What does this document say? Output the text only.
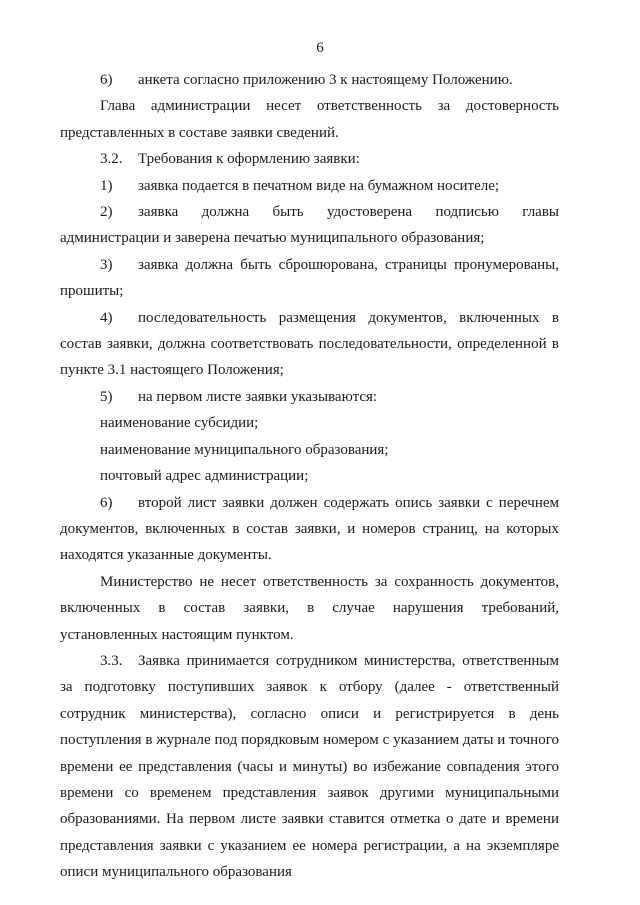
6

6) анкета согласно приложению 3 к настоящему Положению.

Глава администрации несет ответственность за достоверность представленных в составе заявки сведений.

3.2. Требования к оформлению заявки:

1) заявка подается в печатном виде на бумажном носителе;

2) заявка должна быть удостоверена подписью главы администрации и заверена печатью муниципального образования;

3) заявка должна быть сброшюрована, страницы пронумерованы, прошиты;

4) последовательность размещения документов, включенных в состав заявки, должна соответствовать последовательности, определенной в пункте 3.1 настоящего Положения;

5) на первом листе заявки указываются:

наименование субсидии;

наименование муниципального образования;

почтовый адрес администрации;

6) второй лист заявки должен содержать опись заявки с перечнем документов, включенных в состав заявки, и номеров страниц, на которых находятся указанные документы.

Министерство не несет ответственность за сохранность документов, включенных в состав заявки, в случае нарушения требований, установленных настоящим пунктом.

3.3. Заявка принимается сотрудником министерства, ответственным за подготовку поступивших заявок к отбору (далее - ответственный сотрудник министерства), согласно описи и регистрируется в день поступления в журнале под порядковым номером с указанием даты и точного времени ее представления (часы и минуты) во избежание совпадения этого времени со временем представления заявок другими муниципальными образованиями. На первом листе заявки ставится отметка о дате и времени представления заявки с указанием ее номера регистрации, а на экземпляре описи муниципального образования
